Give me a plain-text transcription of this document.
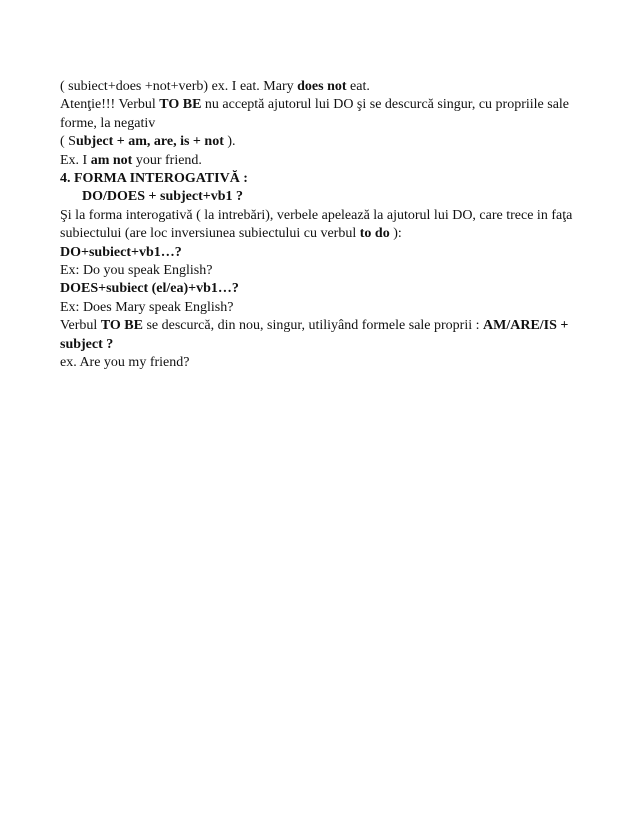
( subiect+does +not+verb) ex. I eat. Mary does not eat.
Atenţie!!! Verbul TO BE nu acceptă ajutorul lui DO şi se descurcă singur, cu propriile sale forme, la negativ
( Subject + am, are, is + not ).
Ex. I am not your friend.
4. FORMA INTEROGATIVĂ :
DO/DOES + subject+vb1 ?
Şi la forma interogativă ( la intrebări), verbele apelează la ajutorul lui DO, care trece in faţa subiectului (are loc inversiunea subiectului cu verbul to do ):
DO+subiect+vb1…?
Ex: Do you speak English?
DOES+subiect (el/ea)+vb1…?
Ex: Does Mary speak English?
Verbul TO BE se descurcă, din nou, singur, utiliyând formele sale proprii : AM/ARE/IS + subject ?
ex. Are you my friend?
